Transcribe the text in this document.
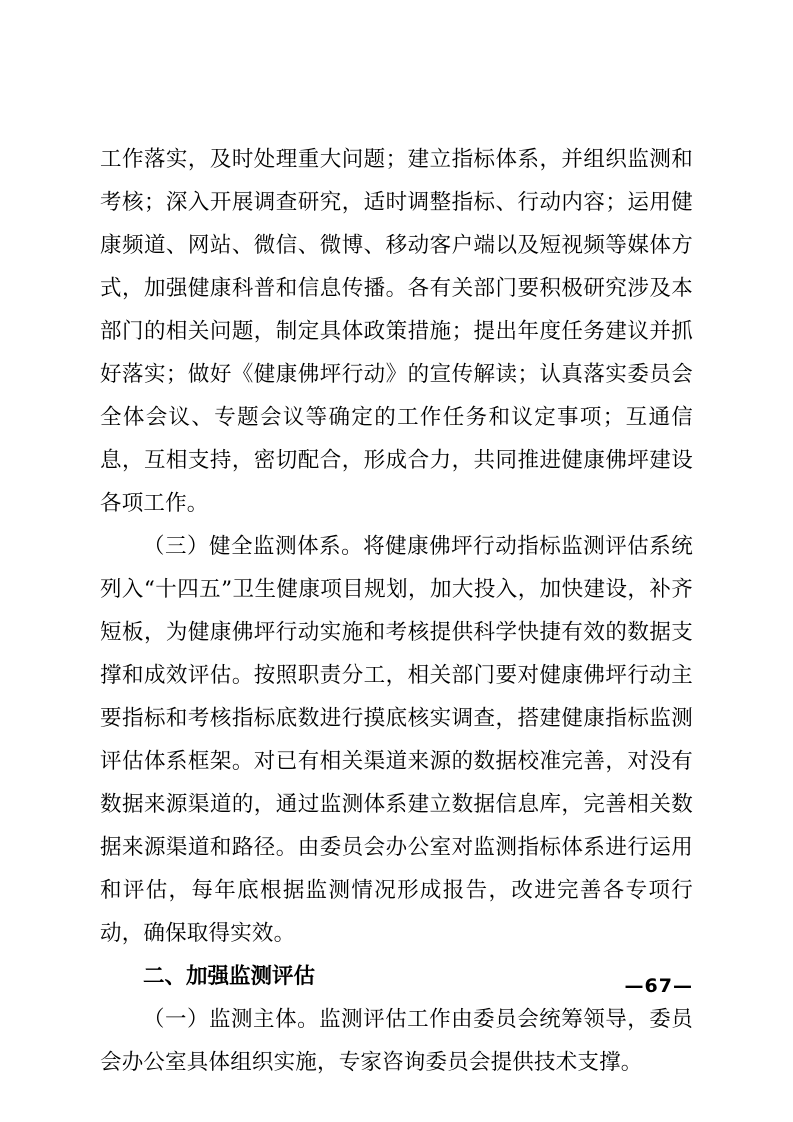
工作落实，及时处理重大问题；建立指标体系，并组织监测和考核；深入开展调查研究，适时调整指标、行动内容；运用健康频道、网站、微信、微博、移动客户端以及短视频等媒体方式，加强健康科普和信息传播。各有关部门要积极研究涉及本部门的相关问题，制定具体政策措施；提出年度任务建议并抓好落实；做好《健康佛坪行动》的宣传解读；认真落实委员会全体会议、专题会议等确定的工作任务和议定事项；互通信息，互相支持，密切配合，形成合力，共同推进健康佛坪建设各项工作。

（三）健全监测体系。将健康佛坪行动指标监测评估系统列入“十四五”卫生健康项目规划，加大投入，加快建设，补齐短板，为健康佛坪行动实施和考核提供科学快捷有效的数据支撑和成效评估。按照职责分工，相关部门要对健康佛坪行动主要指标和考核指标底数进行摸底核实调查，搭建健康指标监测评估体系框架。对已有相关渠道来源的数据校准完善，对没有数据来源渠道的，通过监测体系建立数据信息库，完善相关数据来源渠道和路径。由委员会办公室对监测指标体系进行运用和评估，每年底根据监测情况形成报告，改进完善各专项行动，确保取得实效。

二、加强监测评估

（一）监测主体。监测评估工作由委员会统筹领导，委员会办公室具体组织实施，专家咨询委员会提供技术支撑。

—67—
